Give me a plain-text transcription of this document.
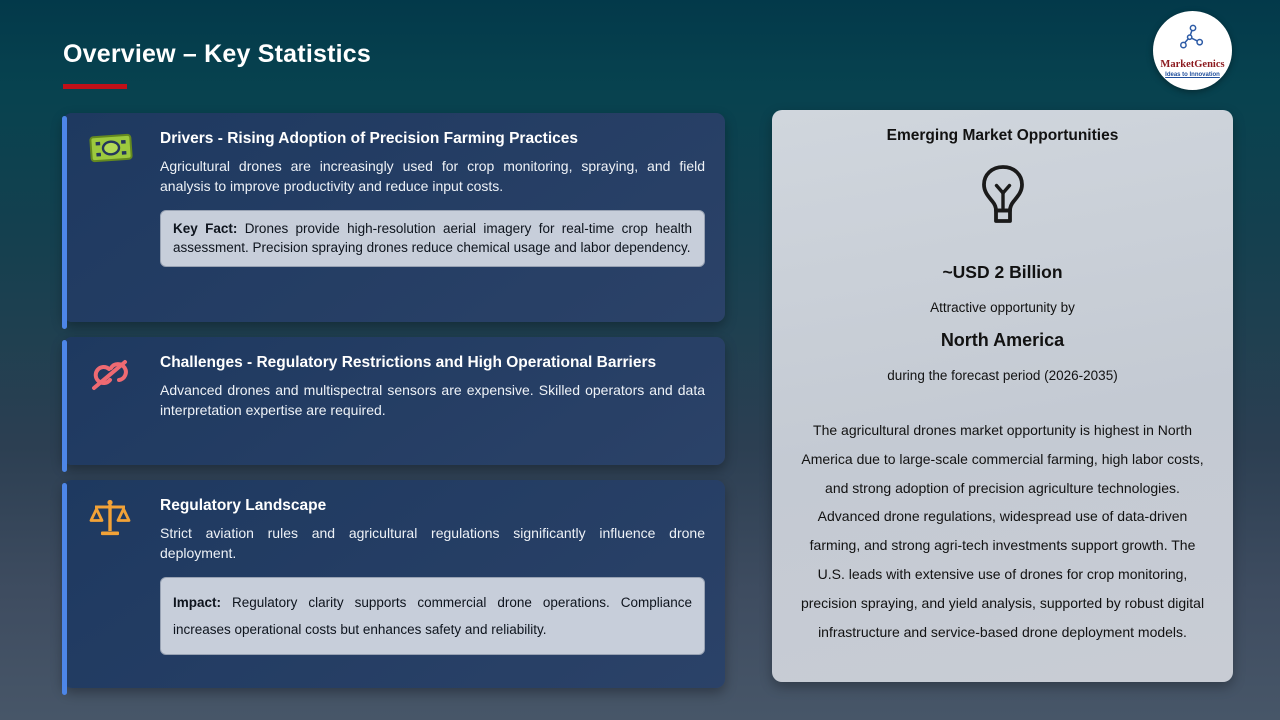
Overview – Key Statistics	MarketGenics
Ideas to Innovation
Drivers - Rising Adoption of Precision Farming Practices
Agricultural drones are increasingly used for crop monitoring, spraying, and field analysis to improve productivity and reduce input costs.
Key Fact: Drones provide high-resolution aerial imagery for real-time crop health assessment. Precision spraying drones reduce chemical usage and labor dependency.
Challenges - Regulatory Restrictions and High Operational Barriers
Advanced drones and multispectral sensors are expensive. Skilled operators and data interpretation expertise are required.
Regulatory Landscape
Strict aviation rules and agricultural regulations significantly influence drone deployment.
Impact: Regulatory clarity supports commercial drone operations. Compliance increases operational costs but enhances safety and reliability.
Emerging Market Opportunities
~USD 2 Billion
Attractive opportunity by
North America
during the forecast period (2026-2035)
The agricultural drones market opportunity is highest in North America due to large-scale commercial farming, high labor costs, and strong adoption of precision agriculture technologies. Advanced drone regulations, widespread use of data-driven farming, and strong agri-tech investments support growth. The U.S. leads with extensive use of drones for crop monitoring, precision spraying, and yield analysis, supported by robust digital infrastructure and service-based drone deployment models.
